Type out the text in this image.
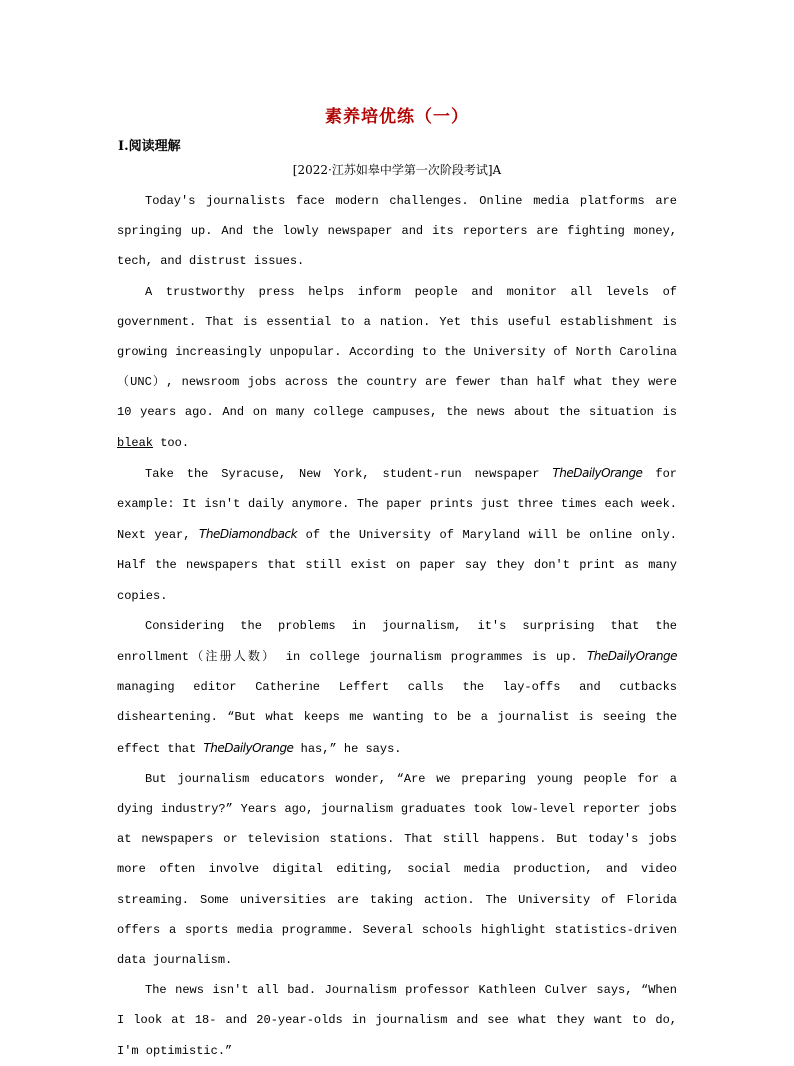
素养培优练（一）
Ⅰ.阅读理解
[2022·江苏如皋中学第一次阶段考试]A

Today's journalists face modern challenges. Online media platforms are springing up. And the lowly newspaper and its reporters are fighting money, tech, and distrust issues.

A trustworthy press helps inform people and monitor all levels of government. That is essential to a nation. Yet this useful establishment is growing increasingly unpopular. According to the University of North Carolina（UNC）, newsroom jobs across the country are fewer than half what they were 10 years ago. And on many college campuses, the news about the situation is bleak too.

Take the Syracuse, New York, student-run newspaper TheDailyOrange for example: It isn't daily anymore. The paper prints just three times each week. Next year, TheDiamondback of the University of Maryland will be online only. Half the newspapers that still exist on paper say they don't print as many copies.

Considering the problems in journalism, it's surprising that the enrollment（注册人数） in college journalism programmes is up. TheDailyOrange managing editor Catherine Leffert calls the lay-offs and cutbacks disheartening. “But what keeps me wanting to be a journalist is seeing the effect that TheDailyOrange has,” he says.

But journalism educators wonder, “Are we preparing young people for a dying industry?” Years ago, journalism graduates took low-level reporter jobs at newspapers or television stations. That still happens. But today's jobs more often involve digital editing, social media production, and video streaming. Some universities are taking action. The University of Florida offers a sports media programme. Several schools highlight statistics-driven data journalism.

The news isn't all bad. Journalism professor Kathleen Culver says, “When I look at 18- and 20-year-olds in journalism and see what they want to do, I'm optimistic.”
